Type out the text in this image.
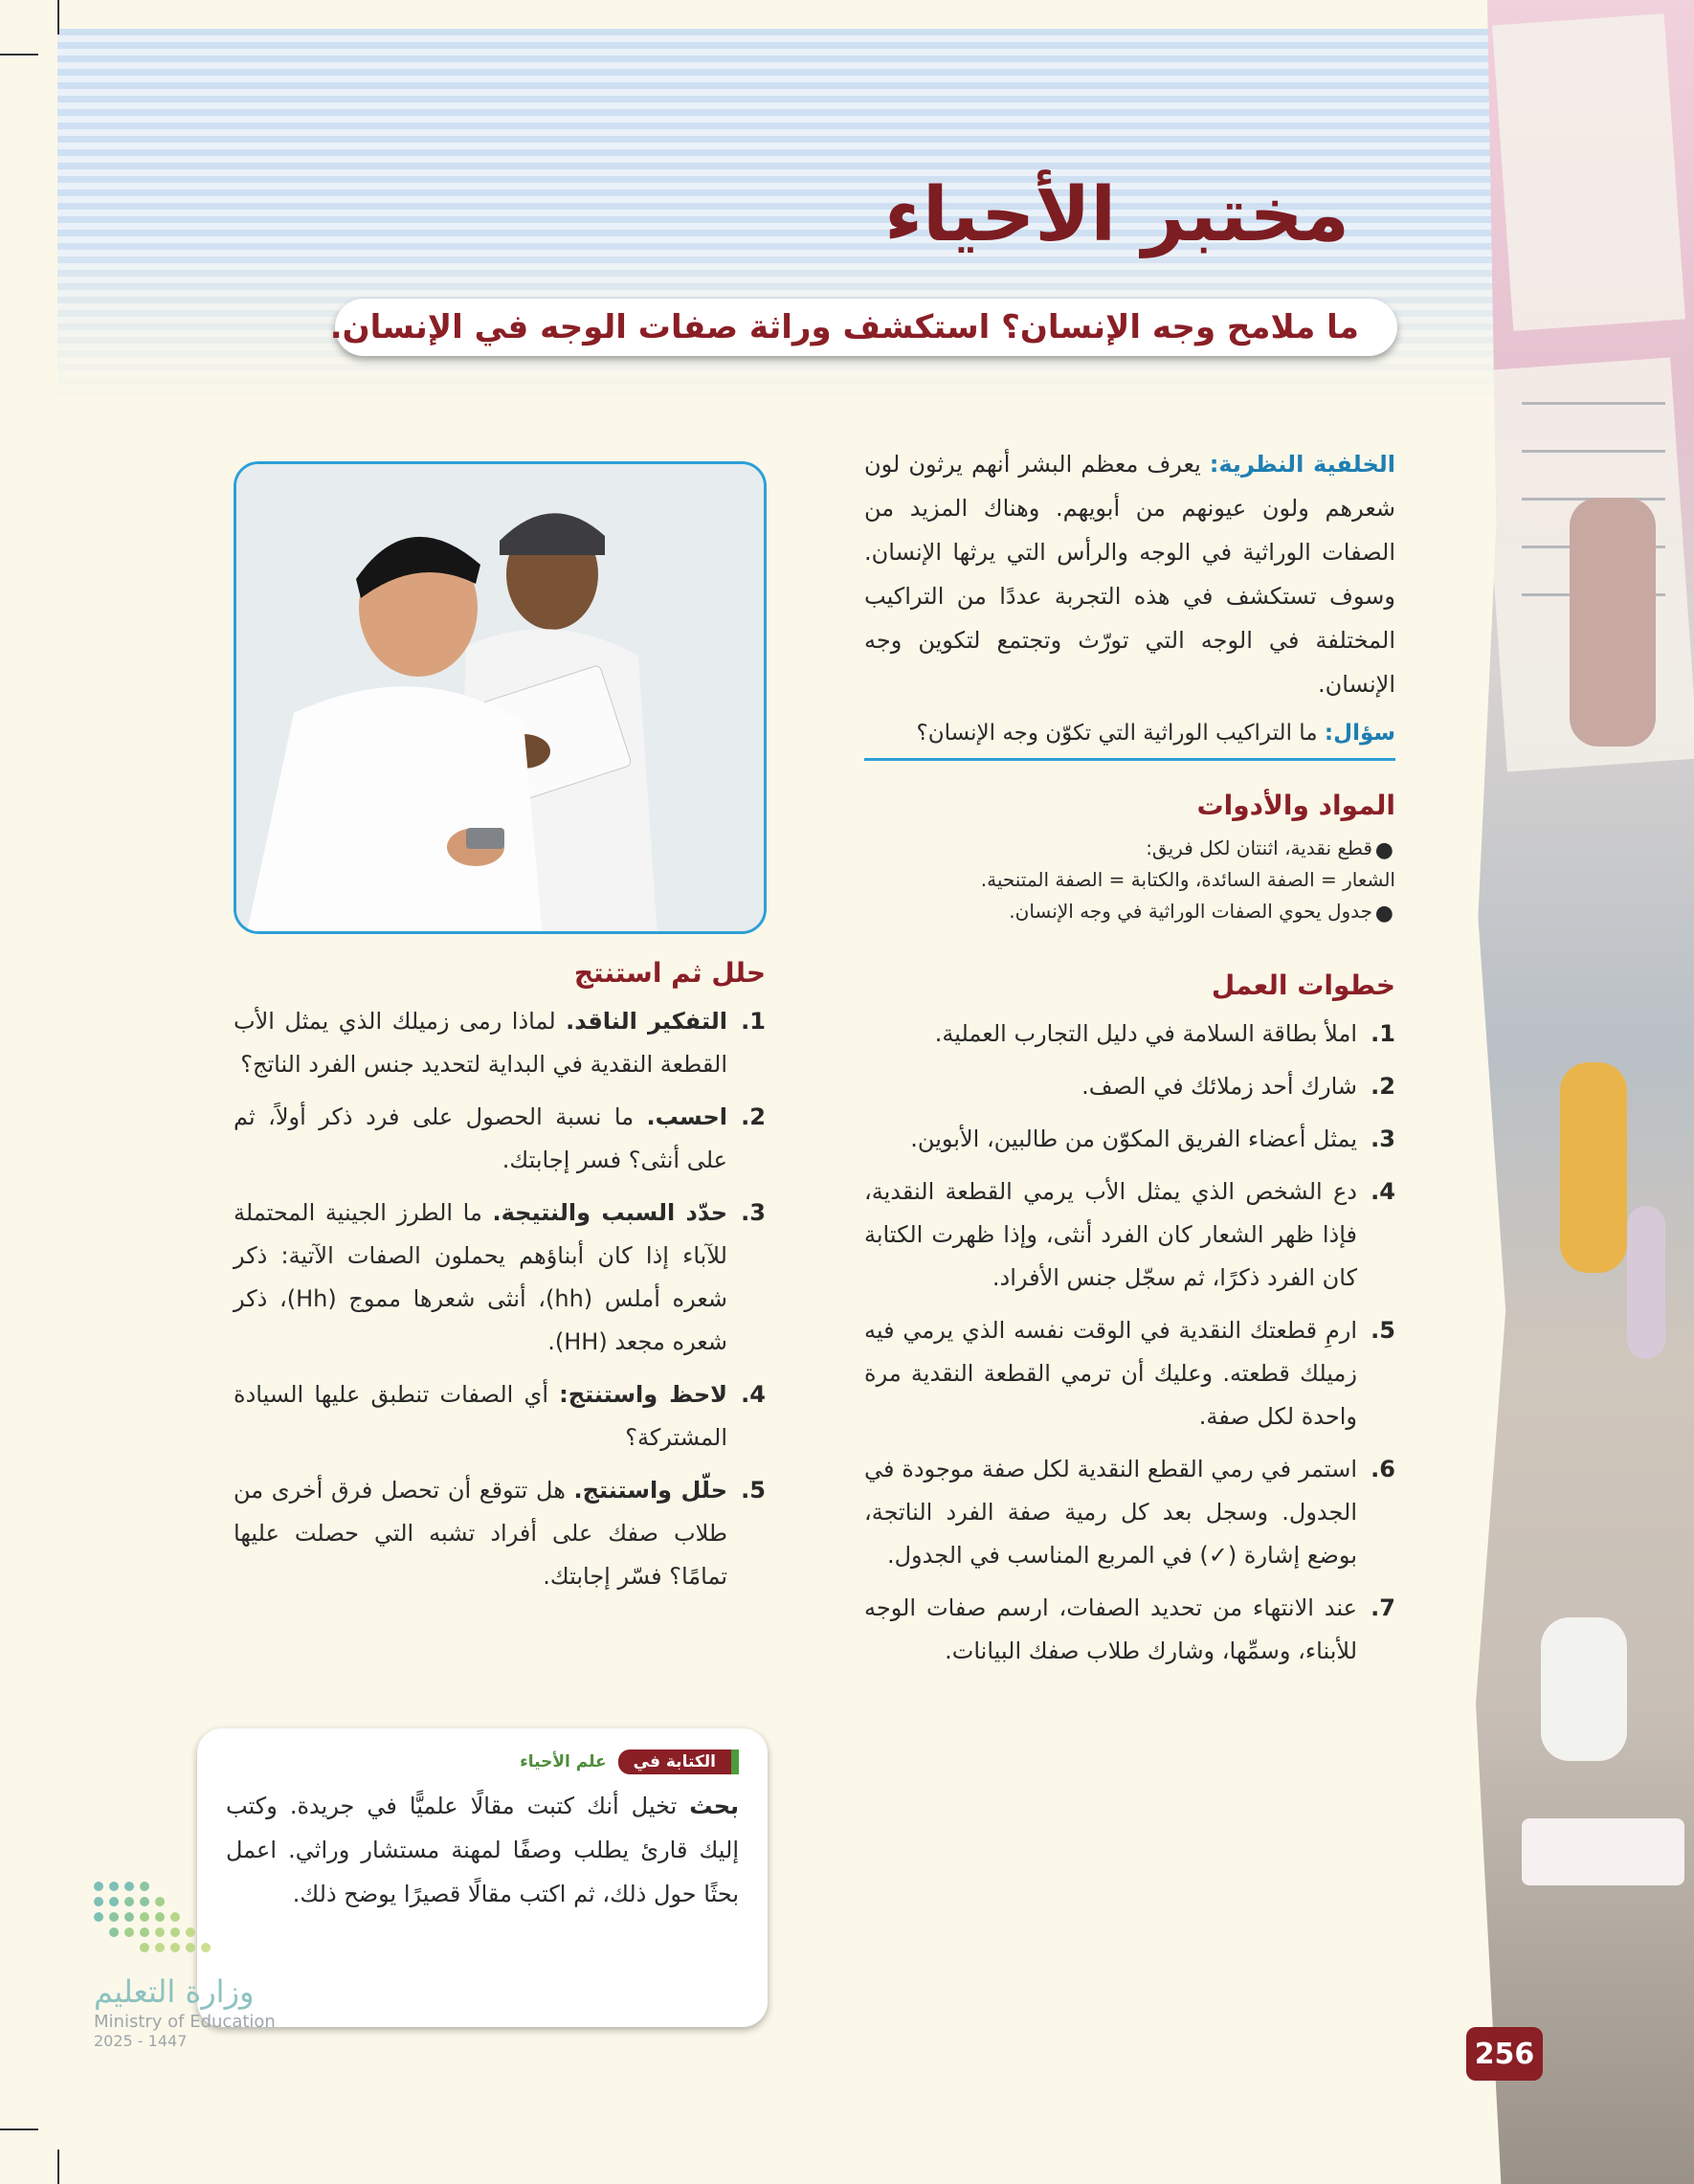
مختبر الأحياء
ما ملامح وجه الإنسان؟ استكشف وراثة صفات الوجه في الإنسان.

الخلفية النظرية: يعرف معظم البشر أنهم يرثون لون شعرهم ولون عيونهم من أبويهم. وهناك المزيد من الصفات الوراثية في الوجه والرأس التي يرثها الإنسان. وسوف تستكشف في هذه التجربة عددًا من التراكيب المختلفة في الوجه التي تورّث وتجتمع لتكوين وجه الإنسان.

سؤال: ما التراكيب الوراثية التي تكوّن وجه الإنسان؟

المواد والأدوات
●
قطع نقدية، اثنتان لكل فريق:
الشعار = الصفة السائدة، والكتابة = الصفة المتنحية.
●
جدول يحوي الصفات الوراثية في وجه الإنسان.
خطوات العمل
1.
املأ بطاقة السلامة في دليل التجارب العملية.
2.
شارك أحد زملائك في الصف.
3.
يمثل أعضاء الفريق المكوّن من طالبين، الأبوين.
4.
دع الشخص الذي يمثل الأب يرمي القطعة النقدية، فإذا ظهر الشعار كان الفرد أنثى، وإذا ظهرت الكتابة كان الفرد ذكرًا، ثم سجّل جنس الأفراد.
5.
ارمِ قطعتك النقدية في الوقت نفسه الذي يرمي فيه زميلك قطعته. وعليك أن ترمي القطعة النقدية مرة واحدة لكل صفة.
6.
استمر في رمي القطع النقدية لكل صفة موجودة في الجدول. وسجل بعد كل رمية صفة الفرد الناتجة، بوضع إشارة (✓) في المربع المناسب في الجدول.
7.
عند الانتهاء من تحديد الصفات، ارسم صفات الوجه للأبناء، وسمِّها، وشارك طلاب صفك البيانات.
حلل ثم استنتج
1.
التفكير الناقد. لماذا رمى زميلك الذي يمثل الأب القطعة النقدية في البداية لتحديد جنس الفرد الناتج؟
2.
احسب. ما نسبة الحصول على فرد ذكر أولاً، ثم على أنثى؟ فسر إجابتك.
3.
حدّد السبب والنتيجة. ما الطرز الجينية المحتملة للآباء إذا كان أبناؤهم يحملون الصفات الآتية: ذكر شعره أملس (hh)، أنثى شعرها مموج (Hh)، ذكر شعره مجعد (HH).
4.
لاحظ واستنتج: أي الصفات تنطبق عليها السيادة المشتركة؟
5.
حلّل واستنتج. هل تتوقع أن تحصل فرق أخرى من طلاب صفك على أفراد تشبه التي حصلت عليها تمامًا؟ فسّر إجابتك.
الكتابة في
علم الأحياء

بحث تخيل أنك كتبت مقالًا علميًّا في جريدة. وكتب إليك قارئ يطلب وصفًا لمهنة مستشار وراثي. اعمل بحثًا حول ذلك، ثم اكتب مقالًا قصيرًا يوضح ذلك.

وزارة التعليم
Ministry of Education
2025 - 1447	256
